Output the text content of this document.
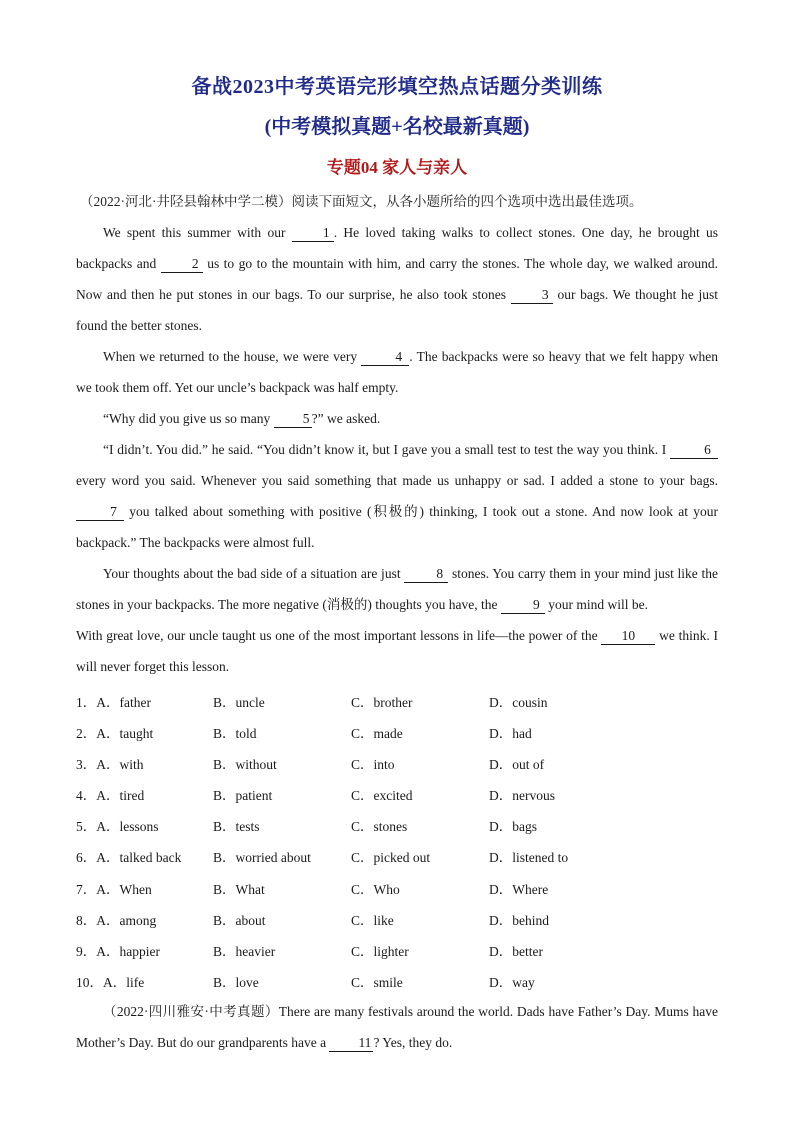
备战2023中考英语完形填空热点话题分类训练
(中考模拟真题+名校最新真题)
专题04 家人与亲人
（2022·河北·井陉县翰林中学二模）阅读下面短文，从各小题所给的四个选项中选出最佳选项。

We spent this summer with our 1 . He loved taking walks to collect stones. One day, he brought us backpacks and 2 us to go to the mountain with him, and carry the stones. The whole day, we walked around. Now and then he put stones in our bags. To our surprise, he also took stones 3 our bags. We thought he just found the better stones.

When we returned to the house, we were very	4 . The backpacks were so heavy that we felt happy when we took them off. Yet our uncle’s backpack was half empty.

“Why did you give us so many 5 ?” we asked.

“I didn’t. You did.” he said. “You didn’t know it, but I gave you a small test to test the way you think. I	6 every word you said. Whenever you said something that made us unhappy or sad. I added a stone to your bags. 7 you talked about something with positive (积极的) thinking, I took out a stone. And now look at your backpack.” The backpacks were almost full.

Your thoughts about the bad side of a situation are just 8 stones. You carry them in your mind just like the stones in your backpacks. The more negative (消极的) thoughts you have, the 9 your mind will be.

With great love, our uncle taught us one of the most important lessons in life—the power of the 10 we think. I will never forget this lesson.

1．A．father	B．uncle	C．brother	D．cousin
2．A．taught	B．told	C．made	D．had
3．A．with	B．without	C．into	D．out of
4．A．tired	B．patient	C．excited	D．nervous
5．A．lessons	B．tests	C．stones	D．bags
6．A．talked back B．worried about	C．picked out	D．listened to
7．A．When	B．What	C．Who	D．Where
8．A．among	B．about	C．like	D．behind
9．A．happier	B．heavier	C．lighter	D．better
10．A．life	B．love	C．smile	D．way

（2022·四川雅安·中考真题）There are many festivals around the world. Dads have Father’s Day. Mums have Mother’s Day. But do our grandparents have a 11 ? Yes, they do.
